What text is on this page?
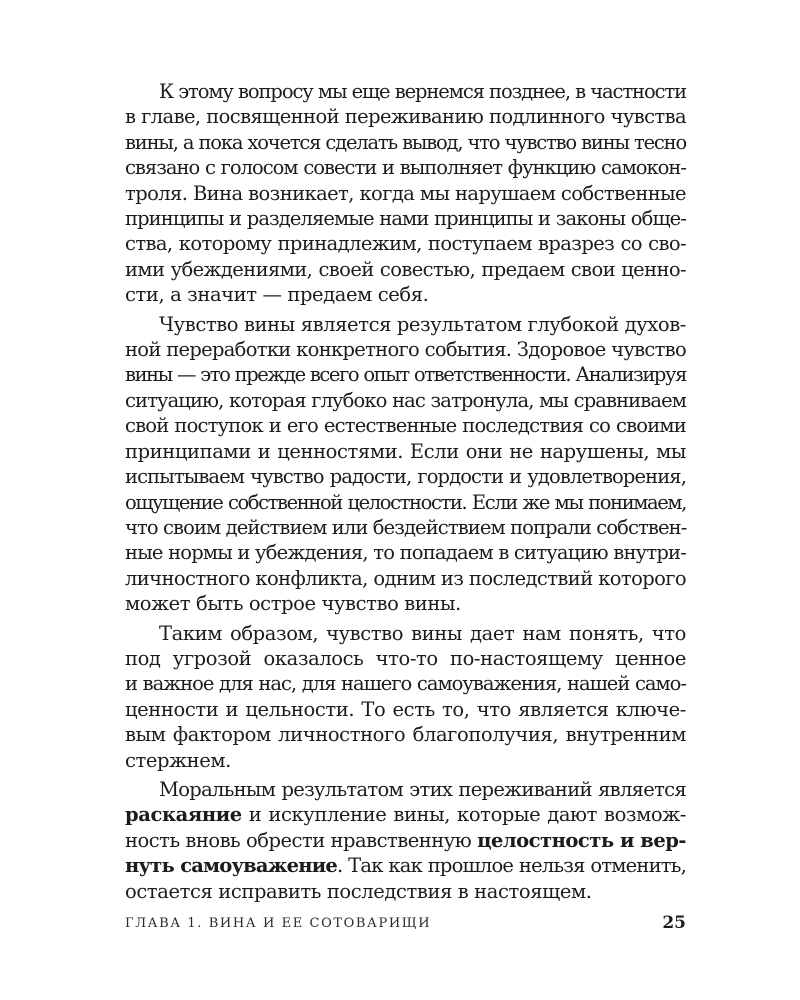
К этому вопросу мы еще вернемся позднее, в частности
в главе, посвященной переживанию подлинного чувства
вины, а пока хочется сделать вывод, что чувство вины тесно
связано с голосом совести и выполняет функцию самокон-
троля. Вина возникает, когда мы нарушаем собственные
принципы и разделяемые нами принципы и законы обще-
ства, которому принадлежим, поступаем вразрез со сво-
ими убеждениями, своей совестью, предаем свои ценно-
сти, а значит — предаем себя.
Чувство вины является результатом глубокой духов-
ной переработки конкретного события. Здоровое чувство
вины — это прежде всего опыт ответственности. Анализируя
ситуацию, которая глубоко нас затронула, мы сравниваем
свой поступок и его естественные последствия со своими
принципами и ценностями. Если они не нарушены, мы
испытываем чувство радости, гордости и удовлетворения,
ощущение собственной целостности. Если же мы понимаем,
что своим действием или бездействием попрали собствен-
ные нормы и убеждения, то попадаем в ситуацию внутри-
личностного конфликта, одним из последствий которого
может быть острое чувство вины.
Таким образом, чувство вины дает нам понять, что
под угрозой оказалось что-то по-настоящему ценное
и важное для нас, для нашего самоуважения, нашей само-
ценности и цельности. То есть то, что является ключе-
вым фактором личностного благополучия, внутренним
стержнем.
Моральным результатом этих переживаний является
раскаяние и искупление вины, которые дают возмож-
ность вновь обрести нравственную целостность и вер-
нуть самоуважение. Так как прошлое нельзя отменить,
остается исправить последствия в настоящем.
ГЛАВА 1. ВИНА И ЕЕ СОТОВАРИЩИ	25
